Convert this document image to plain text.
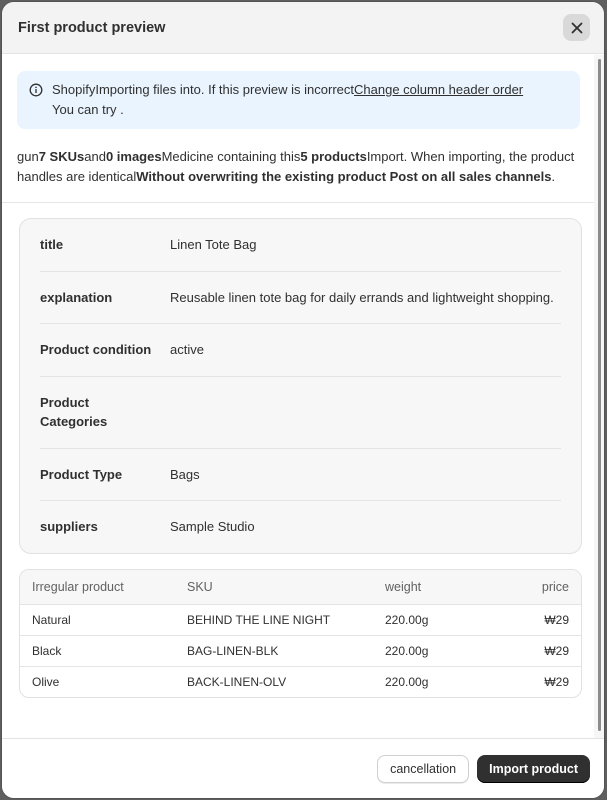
First product preview
ShopifyImporting files into. If this preview is incorrectChange column header order
You can try .

gun7 SKUsand0 imagesMedicine containing this5 productsImport. When importing, the product handles are identicalWithout overwriting the existing product Post on all sales channels.

title	Linen Tote Bag
explanation	Reusable linen tote bag for daily errands and lightweight shopping.
Product condition	active
Product Categories
Product Type	Bags
suppliers	Sample Studio
Irregular product	SKU	weight	price
Natural	BEHIND THE LINE NIGHT	220.00g	₩29
Black	BAG-LINEN-BLK	220.00g	₩29
Olive	BACK-LINEN-OLV	220.00g	₩29
cancellation	Import product
